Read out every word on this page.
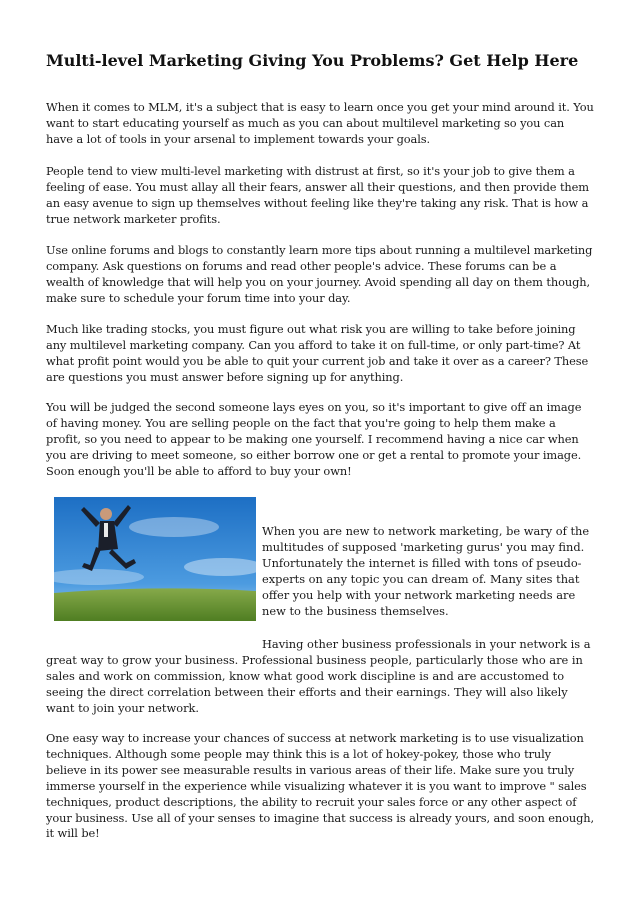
Multi-level Marketing Giving You Problems? Get Help Here

When it comes to MLM, it's a subject that is easy to learn once you get your mind around it. You want to start educating yourself as much as you can about multilevel marketing so you can have a lot of tools in your arsenal to implement towards your goals.

People tend to view multi-level marketing with distrust at first, so it's your job to give them a feeling of ease. You must allay all their fears, answer all their questions, and then provide them an easy avenue to sign up themselves without feeling like they're taking any risk. That is how a true network marketer profits.

Use online forums and blogs to constantly learn more tips about running a multilevel marketing company. Ask questions on forums and read other people's advice. These forums can be a wealth of knowledge that will help you on your journey. Avoid spending all day on them though, make sure to schedule your forum time into your day.

Much like trading stocks, you must figure out what risk you are willing to take before joining any multilevel marketing company. Can you afford to take it on full-time, or only part-time? At what profit point would you be able to quit your current job and take it over as a career? These are questions you must answer before signing up for anything.

You will be judged the second someone lays eyes on you, so it's important to give off an image of having money. You are selling people on the fact that you're going to help them make a profit, so you need to appear to be making one yourself. I recommend having a nice car when you are driving to meet someone, so either borrow one or get a rental to promote your image. Soon enough you'll be able to afford to buy your own!

When you are new to network marketing, be wary of the multitudes of supposed 'marketing gurus' you may find. Unfortunately the internet is filled with tons of pseudo-experts on any topic you can dream of. Many sites that offer you help with your network marketing needs are new to the business themselves.

Having other business professionals in your network is a great way to grow your business. Professional business people, particularly those who are in sales and work on commission, know what good work discipline is and are accustomed to seeing the direct correlation between their efforts and their earnings. They will also likely want to join your network.

One easy way to increase your chances of success at network marketing is to use visualization techniques. Although some people may think this is a lot of hokey-pokey, those who truly believe in its power see measurable results in various areas of their life. Make sure you truly immerse yourself in the experience while visualizing whatever it is you want to improve " sales techniques, product descriptions, the ability to recruit your sales force or any other aspect of your business. Use all of your senses to imagine that success is already yours, and soon enough, it will be!
